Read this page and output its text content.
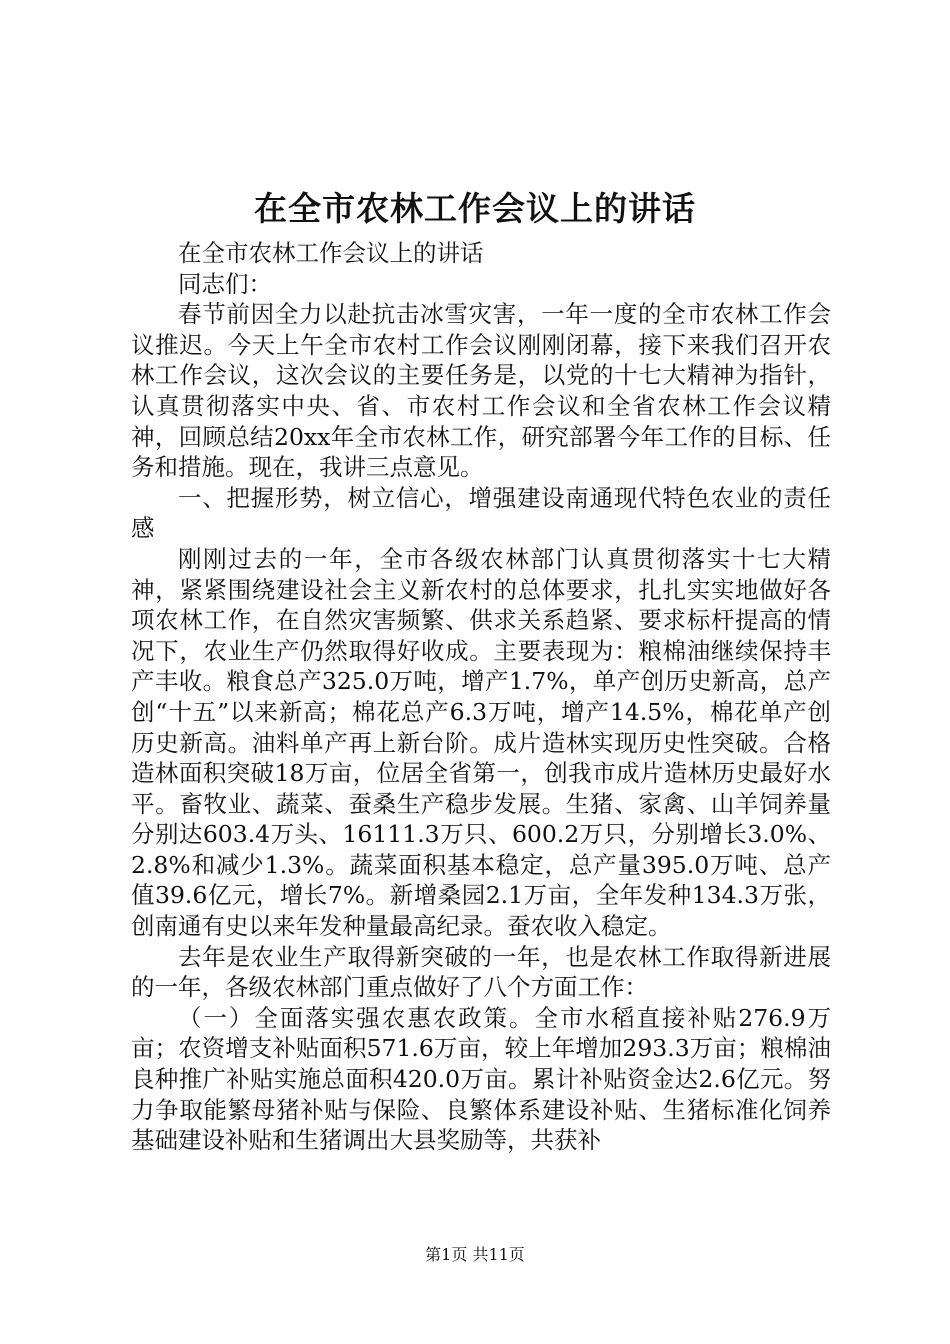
在全市农林工作会议上的讲话

在全市农林工作会议上的讲话

同志们：

春节前因全力以赴抗击冰雪灾害，一年一度的全市农林工作会议推迟。今天上午全市农村工作会议刚刚闭幕，接下来我们召开农林工作会议，这次会议的主要任务是，以党的十七大精神为指针，认真贯彻落实中央、省、市农村工作会议和全省农林工作会议精神，回顾总结20xx年全市农林工作，研究部署今年工作的目标、任务和措施。现在，我讲三点意见。

一、把握形势，树立信心，增强建设南通现代特色农业的责任感

刚刚过去的一年，全市各级农林部门认真贯彻落实十七大精神，紧紧围绕建设社会主义新农村的总体要求，扎扎实实地做好各项农林工作，在自然灾害频繁、供求关系趋紧、要求标杆提高的情况下，农业生产仍然取得好收成。主要表现为：粮棉油继续保持丰产丰收。粮食总产325.0万吨，增产1.7%，单产创历史新高，总产创“十五”以来新高；棉花总产6.3万吨，增产14.5%，棉花单产创历史新高。油料单产再上新台阶。成片造林实现历史性突破。合格造林面积突破18万亩，位居全省第一，创我市成片造林历史最好水平。畜牧业、蔬菜、蚕桑生产稳步发展。生猪、家禽、山羊饲养量分别达603.4万头、16111.3万只、600.2万只，分别增长3.0%、2.8%和减少1.3%。蔬菜面积基本稳定，总产量395.0万吨、总产值39.6亿元，增长7%。新增桑园2.1万亩，全年发种134.3万张，创南通有史以来年发种量最高纪录。蚕农收入稳定。

去年是农业生产取得新突破的一年，也是农林工作取得新进展的一年，各级农林部门重点做好了八个方面工作：

（一）全面落实强农惠农政策。全市水稻直接补贴276.9万亩；农资增支补贴面积571.6万亩，较上年增加293.3万亩；粮棉油良种推广补贴实施总面积420.0万亩。累计补贴资金达2.6亿元。努力争取能繁母猪补贴与保险、良繁体系建设补贴、生猪标准化饲养基础建设补贴和生猪调出大县奖励等，共获补

第1页 共11页
